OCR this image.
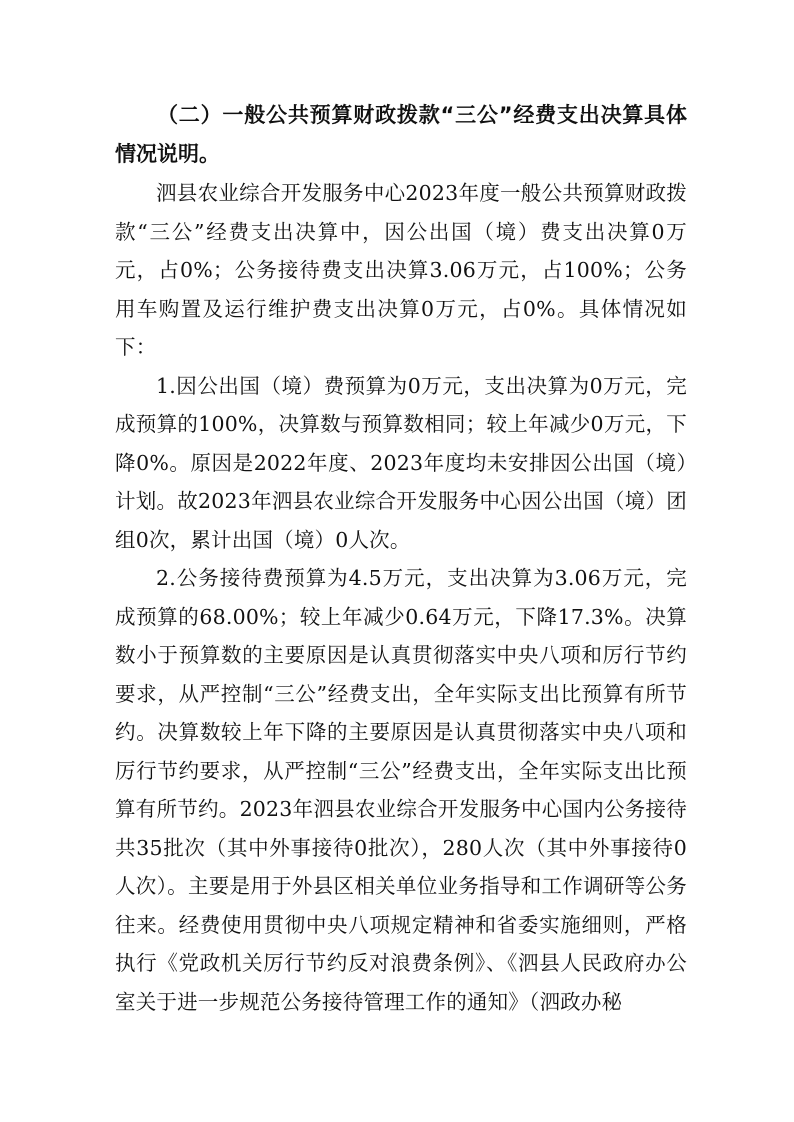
（二）一般公共预算财政拨款“三公”经费支出决算具体情况说明。

泗县农业综合开发服务中心2023年度一般公共预算财政拨款“三公”经费支出决算中，因公出国（境）费支出决算0万元，占0%；公务接待费支出决算3.06万元，占100%；公务用车购置及运行维护费支出决算0万元，占0%。具体情况如下：

1.因公出国（境）费预算为0万元，支出决算为0万元，完成预算的100%，决算数与预算数相同；较上年减少0万元，下降0%。原因是2022年度、2023年度均未安排因公出国（境）计划。故2023年泗县农业综合开发服务中心因公出国（境）团组0次，累计出国（境）0人次。

2.公务接待费预算为4.5万元，支出决算为3.06万元，完成预算的68.00%；较上年减少0.64万元，下降17.3%。决算数小于预算数的主要原因是认真贯彻落实中央八项和厉行节约要求，从严控制“三公”经费支出，全年实际支出比预算有所节约。决算数较上年下降的主要原因是认真贯彻落实中央八项和厉行节约要求，从严控制“三公”经费支出，全年实际支出比预算有所节约。2023年泗县农业综合开发服务中心国内公务接待共35批次（其中外事接待0批次），280人次（其中外事接待0人次）。主要是用于外县区相关单位业务指导和工作调研等公务往来。经费使用贯彻中央八项规定精神和省委实施细则，严格执行《党政机关厉行节约反对浪费条例》、《泗县人民政府办公室关于进一步规范公务接待管理工作的通知》（泗政办秘
